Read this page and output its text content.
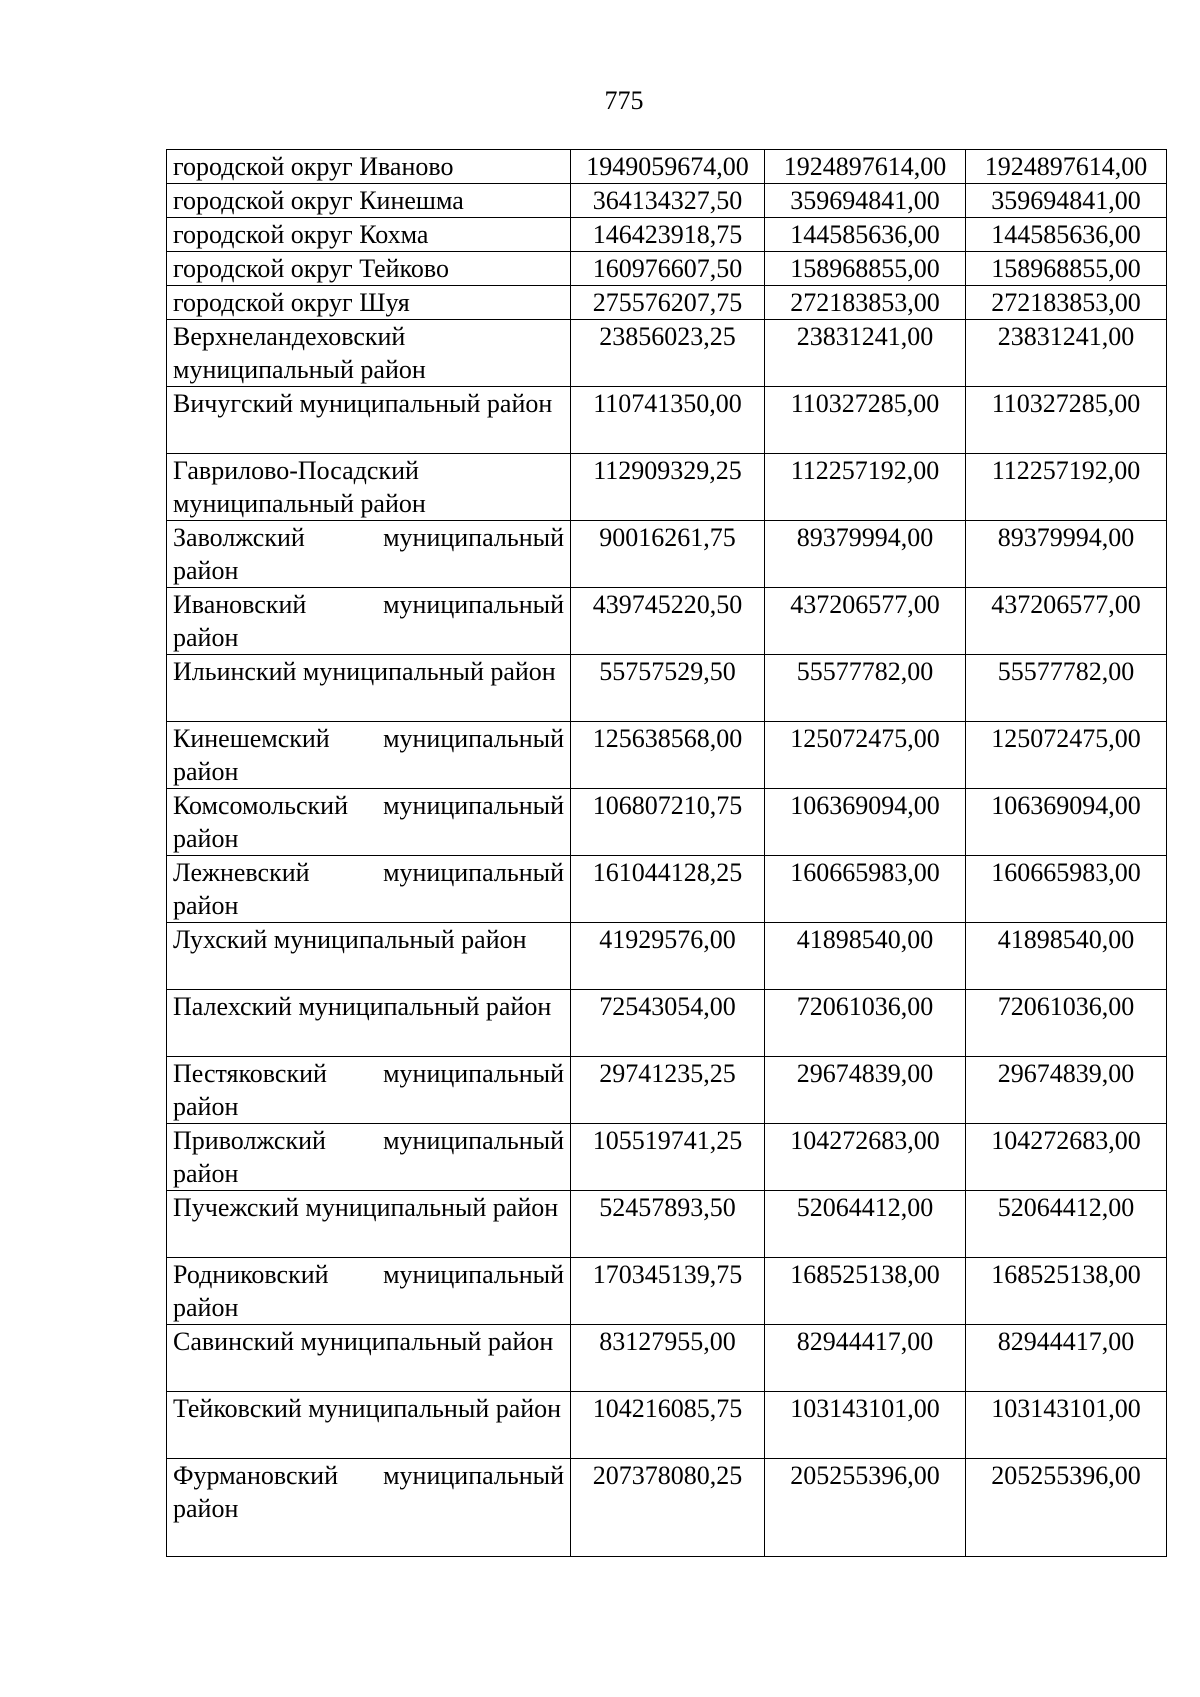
775
городской округ Иваново	1949059674,00	1924897614,00	1924897614,00
городской округ Кинешма	364134327,50	359694841,00	359694841,00
городской округ Кохма	146423918,75	144585636,00	144585636,00
городской округ Тейково	160976607,50	158968855,00	158968855,00
городской округ Шуя	275576207,75	272183853,00	272183853,00
Верхнеландеховский муниципальный район	23856023,25	23831241,00	23831241,00
Вичугский муниципальный район	110741350,00	110327285,00	110327285,00
Гаврилово-Посадский муниципальный район	112909329,25	112257192,00	112257192,00
Заволжский муниципальный район	90016261,75	89379994,00	89379994,00
Ивановский муниципальный район	439745220,50	437206577,00	437206577,00
Ильинский муниципальный район	55757529,50	55577782,00	55577782,00
Кинешемский муниципальный район	125638568,00	125072475,00	125072475,00
Комсомольский муниципальный район	106807210,75	106369094,00	106369094,00
Лежневский муниципальный район	161044128,25	160665983,00	160665983,00
Лухский муниципальный район	41929576,00	41898540,00	41898540,00
Палехский муниципальный район	72543054,00	72061036,00	72061036,00
Пестяковский муниципальный район	29741235,25	29674839,00	29674839,00
Приволжский муниципальный район	105519741,25	104272683,00	104272683,00
Пучежский муниципальный район	52457893,50	52064412,00	52064412,00
Родниковский муниципальный район	170345139,75	168525138,00	168525138,00
Савинский муниципальный район	83127955,00	82944417,00	82944417,00
Тейковский муниципальный район	104216085,75	103143101,00	103143101,00
Фурмановский муниципальный район	207378080,25	205255396,00	205255396,00
